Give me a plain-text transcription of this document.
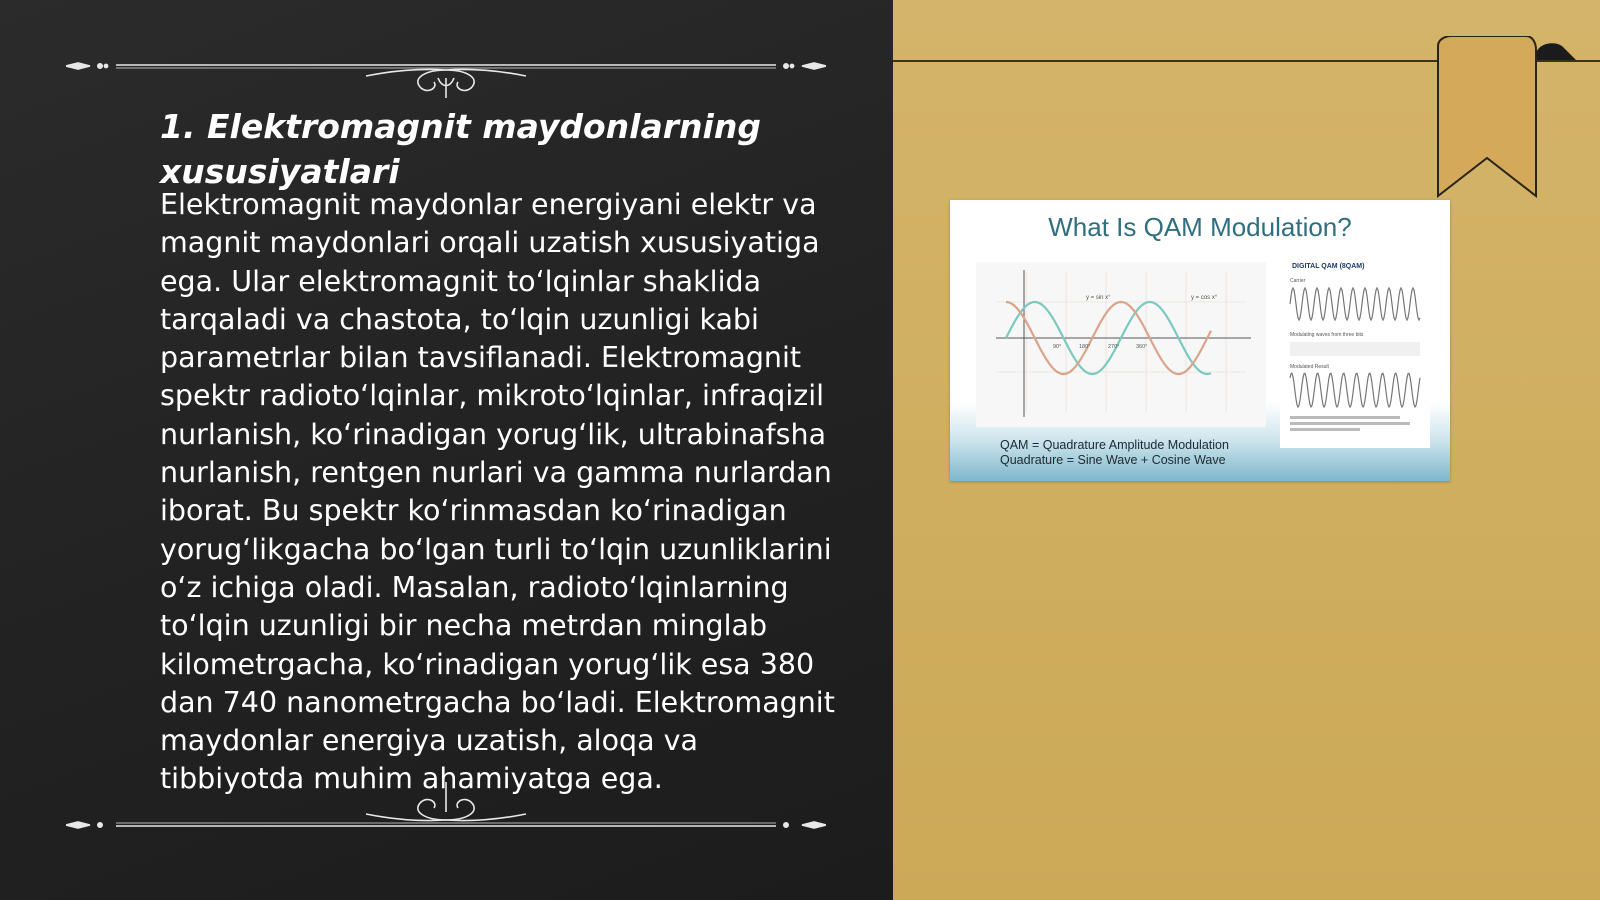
1. Elektromagnit maydonlarning xususiyatlari

Elektromagnit maydonlar energiyani elektr va magnit maydonlari orqali uzatish xususiyatiga ega. Ular elektromagnit to‘lqinlar shaklida tarqaladi va chastota, to‘lqin uzunligi kabi parametrlar bilan tavsiflanadi. Elektromagnit spektr radioto‘lqinlar, mikroto‘lqinlar, infraqizil nurlanish, ko‘rinadigan yorug‘lik, ultrabinafsha nurlanish, rentgen nurlari va gamma nurlardan iborat. Bu spektr ko‘rinmasdan ko‘rinadigan yorug‘likgacha bo‘lgan turli to‘lqin uzunliklarini o‘z ichiga oladi. Masalan, radioto‘lqinlarning to‘lqin uzunligi bir necha metrdan minglab kilometrgacha, ko‘rinadigan yorug‘lik esa 380 dan 740 nanometrgacha bo‘ladi. Elektromagnit maydonlar energiya uzatish, aloqa va tibbiyotda muhim ahamiyatga ega.

What Is QAM Modulation?
y = sin x°	y = cos x°
90°	180°	270°	360°
DIGITAL QAM (8QAM)
Carrier
Modulating waves from three bits
Modulated Result
QAM = Quadrature Amplitude Modulation
Quadrature = Sine Wave + Cosine Wave
